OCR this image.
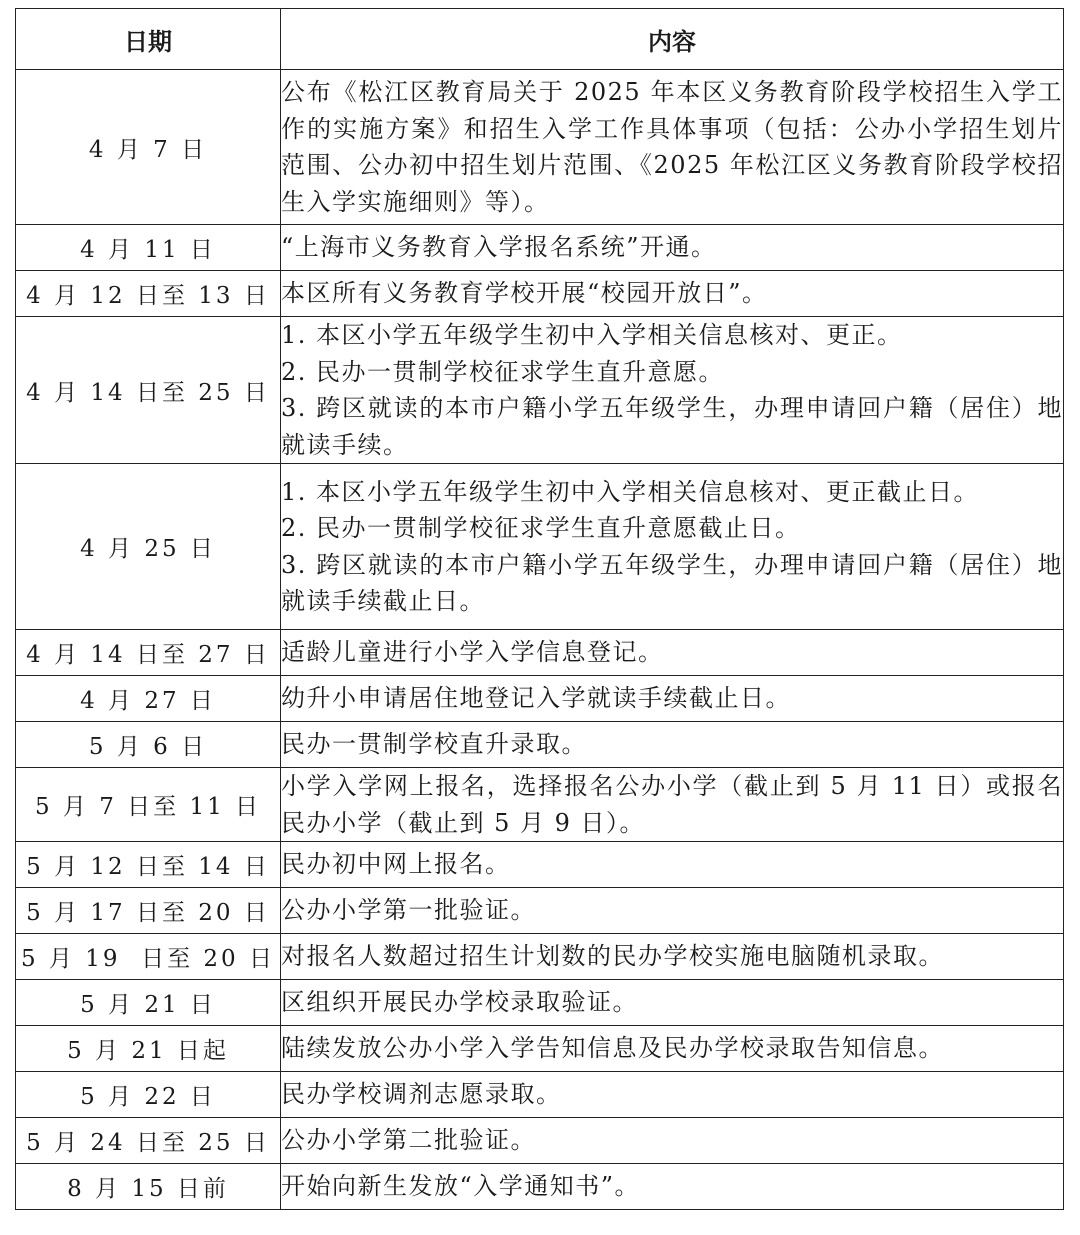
日期	内容
4 月 7 日	公布《松江区教育局关于 2025 年本区义务教育阶段学校招生入学工作的实施方案》和招生入学工作具体事项（包括：公办小学招生划片范围、公办初中招生划片范围、《2025 年松江区义务教育阶段学校招生入学实施细则》等）。

4 月 11 日	“上海市义务教育入学报名系统”开通。

4 月 12 日至 13 日	本区所有义务教育学校开展“校园开放日”。

4 月 14 日至 25 日	1. 本区小学五年级学生初中入学相关信息核对、更正。
2. 民办一贯制学校征求学生直升意愿。
3. 跨区就读的本市户籍小学五年级学生，办理申请回户籍（居住）地就读手续。

4 月 25 日	1. 本区小学五年级学生初中入学相关信息核对、更正截止日。
2. 民办一贯制学校征求学生直升意愿截止日。
3. 跨区就读的本市户籍小学五年级学生，办理申请回户籍（居住）地就读手续截止日。

4 月 14 日至 27 日	适龄儿童进行小学入学信息登记。

4 月 27 日	幼升小申请居住地登记入学就读手续截止日。

5 月 6 日	民办一贯制学校直升录取。

5 月 7 日至 11 日	小学入学网上报名，选择报名公办小学（截止到 5 月 11 日）或报名民办小学（截止到 5 月 9 日）。

5 月 12 日至 14 日	民办初中网上报名。

5 月 17 日至 20 日	公办小学第一批验证。

5 月 19  日至 20 日	对报名人数超过招生计划数的民办学校实施电脑随机录取。

5 月 21 日	区组织开展民办学校录取验证。

5 月 21 日起	陆续发放公办小学入学告知信息及民办学校录取告知信息。

5 月 22 日	民办学校调剂志愿录取。

5 月 24 日至 25 日	公办小学第二批验证。

8 月 15 日前	开始向新生发放“入学通知书”。
